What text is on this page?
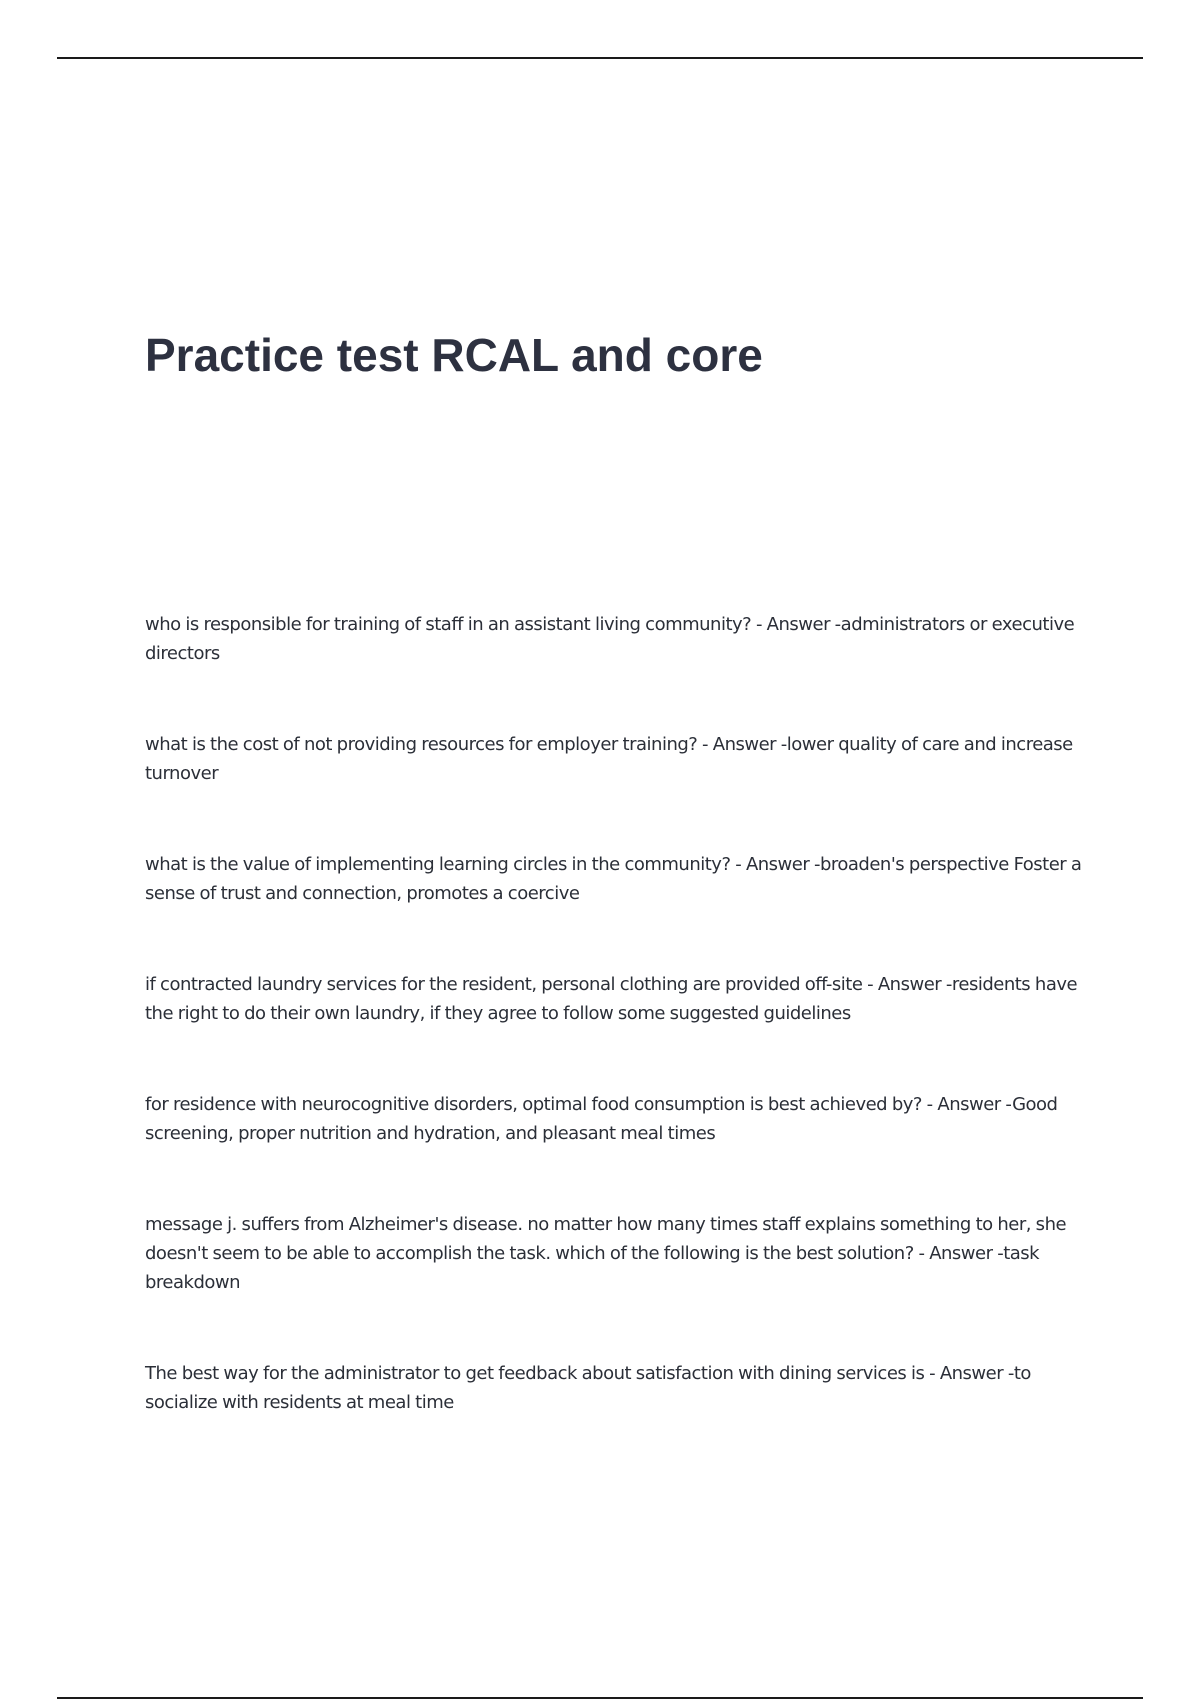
Practice test RCAL and core

who is responsible for training of staff in an assistant living community? - Answer -administrators or executive directors

what is the cost of not providing resources for employer training? - Answer -lower quality of care and increase turnover

what is the value of implementing learning circles in the community? - Answer -broaden's perspective Foster a sense of trust and connection, promotes a coercive

if contracted laundry services for the resident, personal clothing are provided off-site - Answer -residents have the right to do their own laundry, if they agree to follow some suggested guidelines

for residence with neurocognitive disorders, optimal food consumption is best achieved by? - Answer -Good screening, proper nutrition and hydration, and pleasant meal times

message j. suffers from Alzheimer's disease. no matter how many times staff explains something to her, she doesn't seem to be able to accomplish the task. which of the following is the best solution? - Answer -task breakdown

The best way for the administrator to get feedback about satisfaction with dining services is - Answer -to socialize with residents at meal time
